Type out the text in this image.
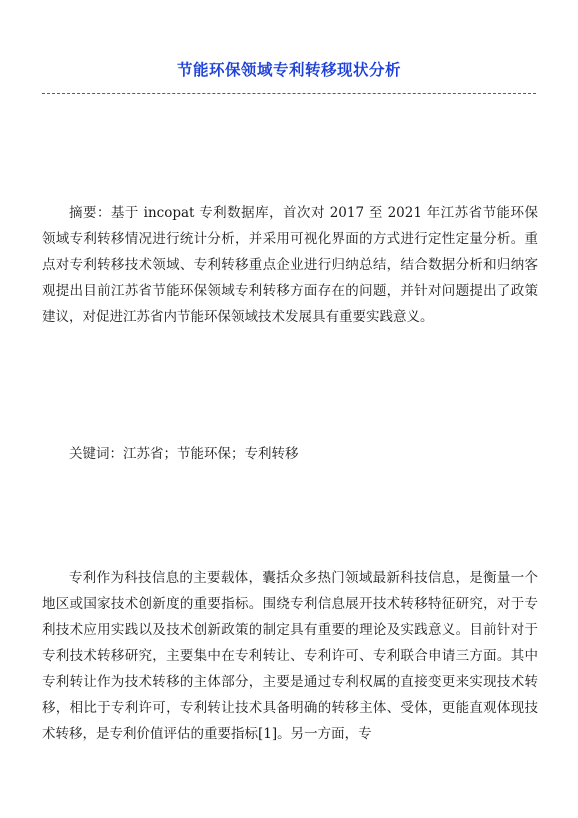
节能环保领域专利转移现状分析

摘要：基于 incopat 专利数据库，首次对 2017 至 2021 年江苏省节能环保领域专利转移情况进行统计分析，并采用可视化界面的方式进行定性定量分析。重点对专利转移技术领域、专利转移重点企业进行归纳总结，结合数据分析和归纳客观提出目前江苏省节能环保领域专利转移方面存在的问题，并针对问题提出了政策建议，对促进江苏省内节能环保领域技术发展具有重要实践意义。

关键词：江苏省；节能环保；专利转移

专利作为科技信息的主要载体，囊括众多热门领域最新科技信息，是衡量一个地区或国家技术创新度的重要指标。围绕专利信息展开技术转移特征研究，对于专利技术应用实践以及技术创新政策的制定具有重要的理论及实践意义。目前针对于专利技术转移研究，主要集中在专利转让、专利许可、专利联合申请三方面。其中专利转让作为技术转移的主体部分，主要是通过专利权属的直接变更来实现技术转移，相比于专利许可，专利转让技术具备明确的转移主体、受体，更能直观体现技术转移，是专利价值评估的重要指标[1]。另一方面，专
